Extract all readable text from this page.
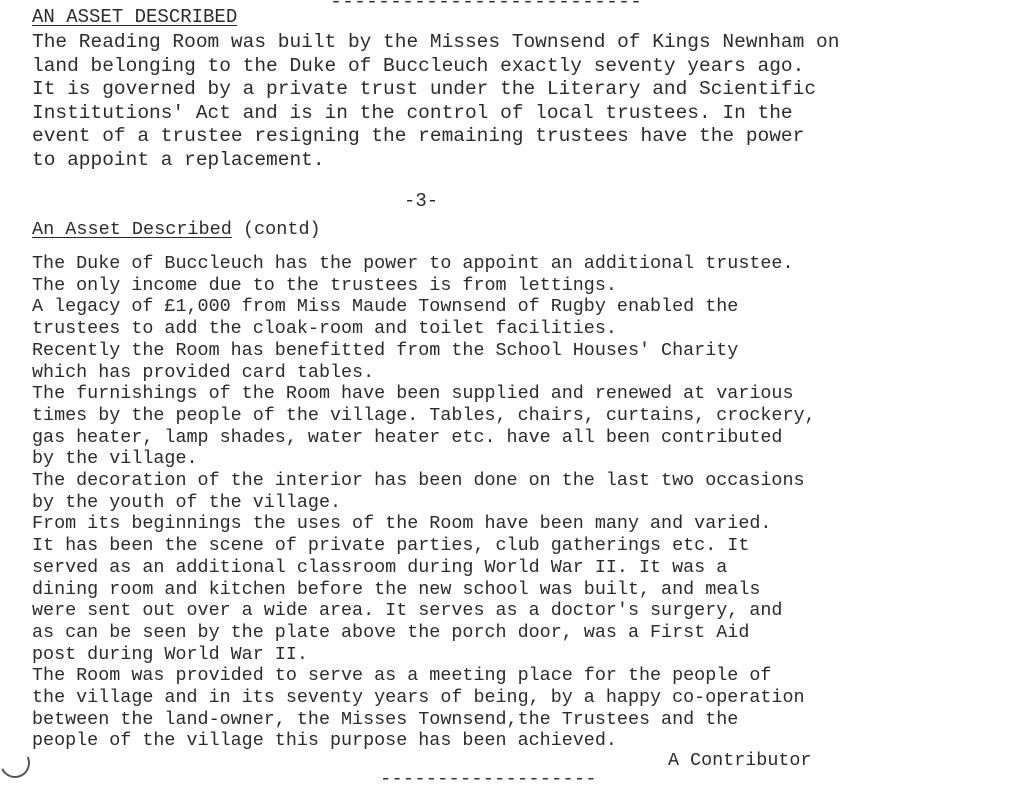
--------------------------
AN ASSET DESCRIBED
The Reading Room was built by the Misses Townsend of Kings Newnham on
land belonging to the Duke of Buccleuch exactly seventy years ago.
It is governed by a private trust under the Literary and Scientific
Institutions' Act and is in the control of local trustees. In the
event of a trustee resigning the remaining trustees have the power
to appoint a replacement.
-3-
An Asset Described (contd)
The Duke of Buccleuch has the power to appoint an additional trustee.
The only income due to the trustees is from lettings.
A legacy of £1,000 from Miss Maude Townsend of Rugby enabled the
trustees to add the cloak-room and toilet facilities.
Recently the Room has benefitted from the School Houses' Charity
which has provided card tables.
The furnishings of the Room have been supplied and renewed at various
times by the people of the village. Tables, chairs, curtains, crockery,
gas heater, lamp shades, water heater etc. have all been contributed
by the village.
The decoration of the interior has been done on the last two occasions
by the youth of the village.
From its beginnings the uses of the Room have been many and varied.
It has been the scene of private parties, club gatherings etc. It
served as an additional classroom during World War II. It was a
dining room and kitchen before the new school was built, and meals
were sent out over a wide area. It serves as a doctor's surgery, and
as can be seen by the plate above the porch door, was a First Aid
post during World War II.
The Room was provided to serve as a meeting place for the people of
the village and in its seventy years of being, by a happy co-operation
between the land-owner, the Misses Townsend,the Trustees and the
people of the village this purpose has been achieved.
A Contributor
-------------------
